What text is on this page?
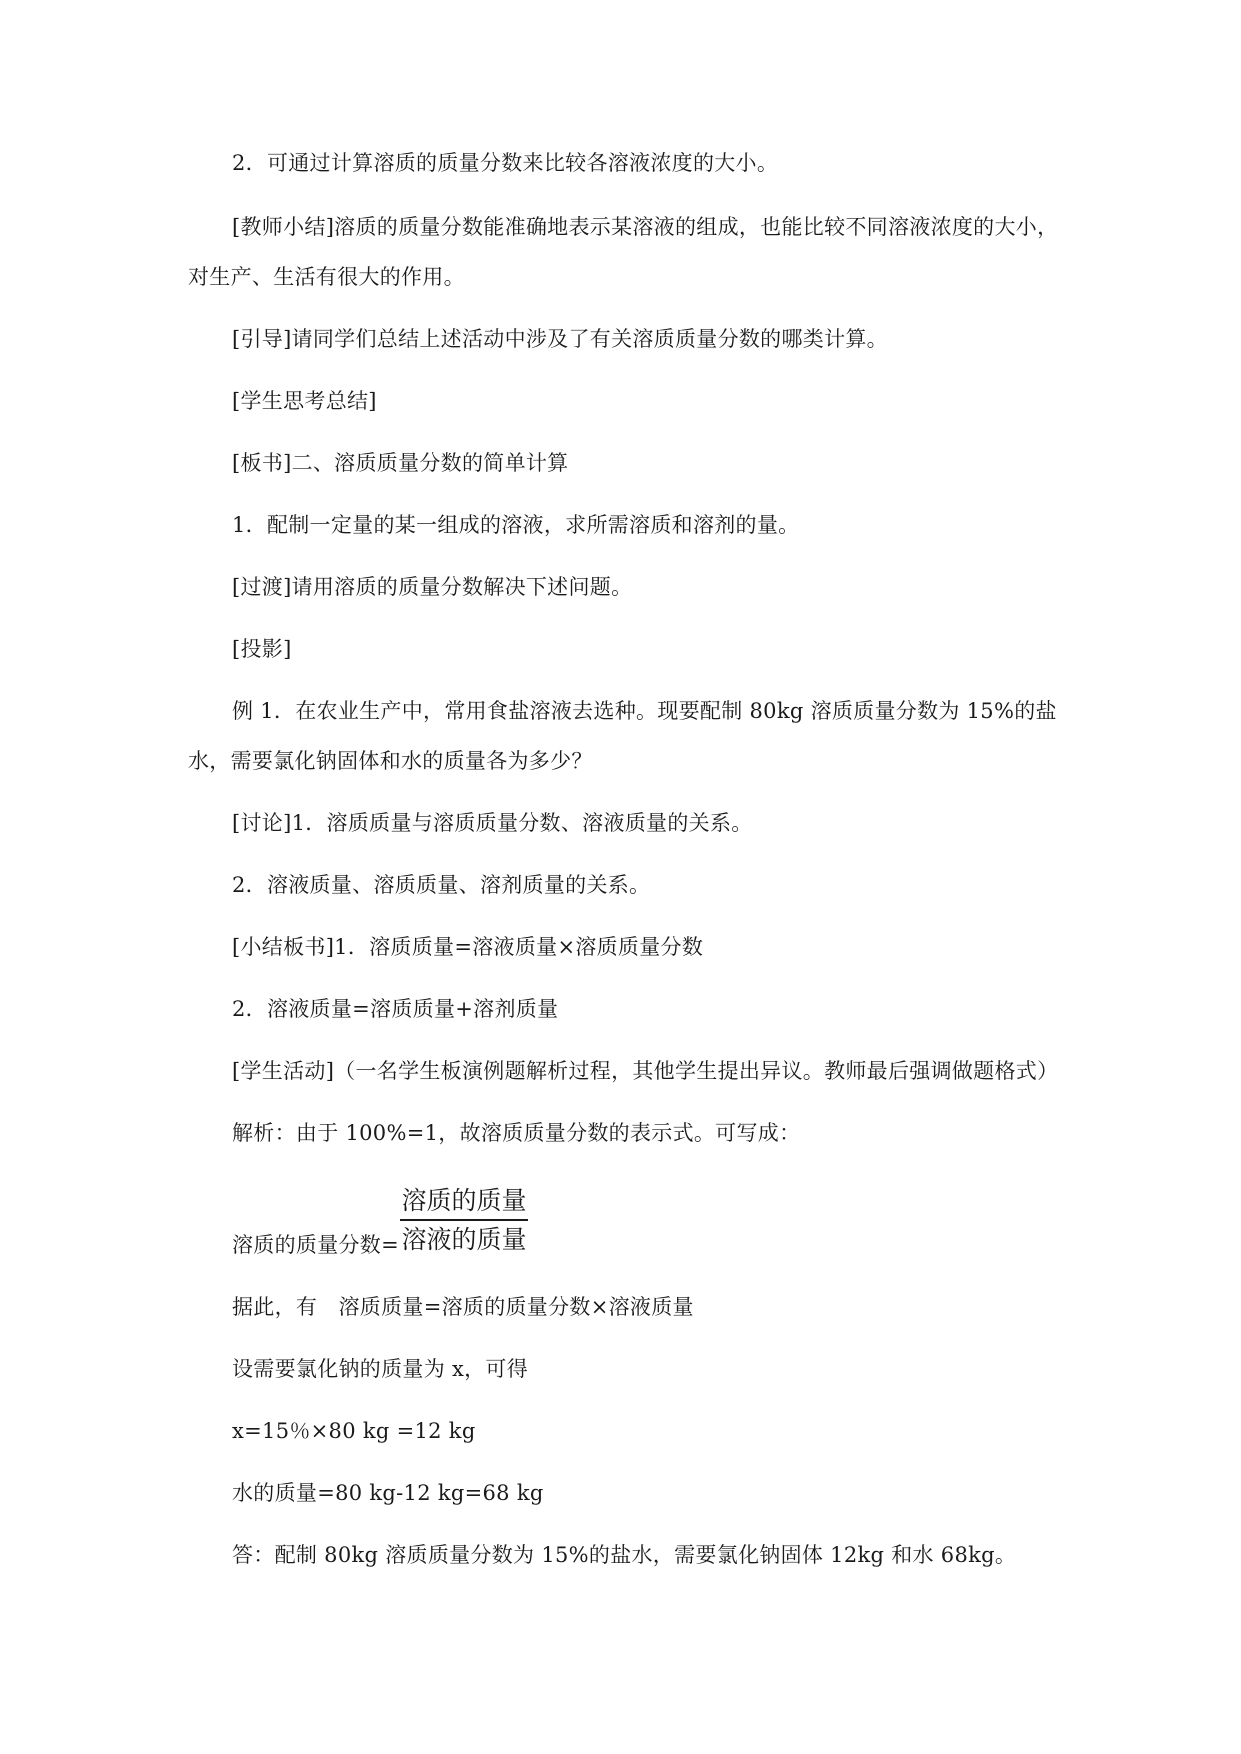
2．可通过计算溶质的质量分数来比较各溶液浓度的大小。
[教师小结]溶质的质量分数能准确地表示某溶液的组成，也能比较不同溶液浓度的大小，
对生产、生活有很大的作用。
[引导]请同学们总结上述活动中涉及了有关溶质质量分数的哪类计算。
[学生思考总结]
[板书]二、溶质质量分数的简单计算
1．配制一定量的某一组成的溶液，求所需溶质和溶剂的量。
[过渡]请用溶质的质量分数解决下述问题。
[投影]
例 1．在农业生产中，常用食盐溶液去选种。现要配制 80kg 溶质质量分数为 15%的盐
水，需要氯化钠固体和水的质量各为多少？
[讨论]1．溶质质量与溶质质量分数、溶液质量的关系。
2．溶液质量、溶质质量、溶剂质量的关系。
[小结板书]1．溶质质量=溶液质量×溶质质量分数
2．溶液质量=溶质质量+溶剂质量
[学生活动]（一名学生板演例题解析过程，其他学生提出异议。教师最后强调做题格式）
解析：由于 100%=1，故溶质质量分数的表示式。可写成：
溶质的质量分数=
溶质的质量
溶液的质量
据此，有　溶质质量=溶质的质量分数×溶液质量
设需要氯化钠的质量为 x，可得
x=15％×80 kg =12 kg
水的质量=80 kg-12 kg=68 kg
答：配制 80kg 溶质质量分数为 15%的盐水，需要氯化钠固体 12kg 和水 68kg。
